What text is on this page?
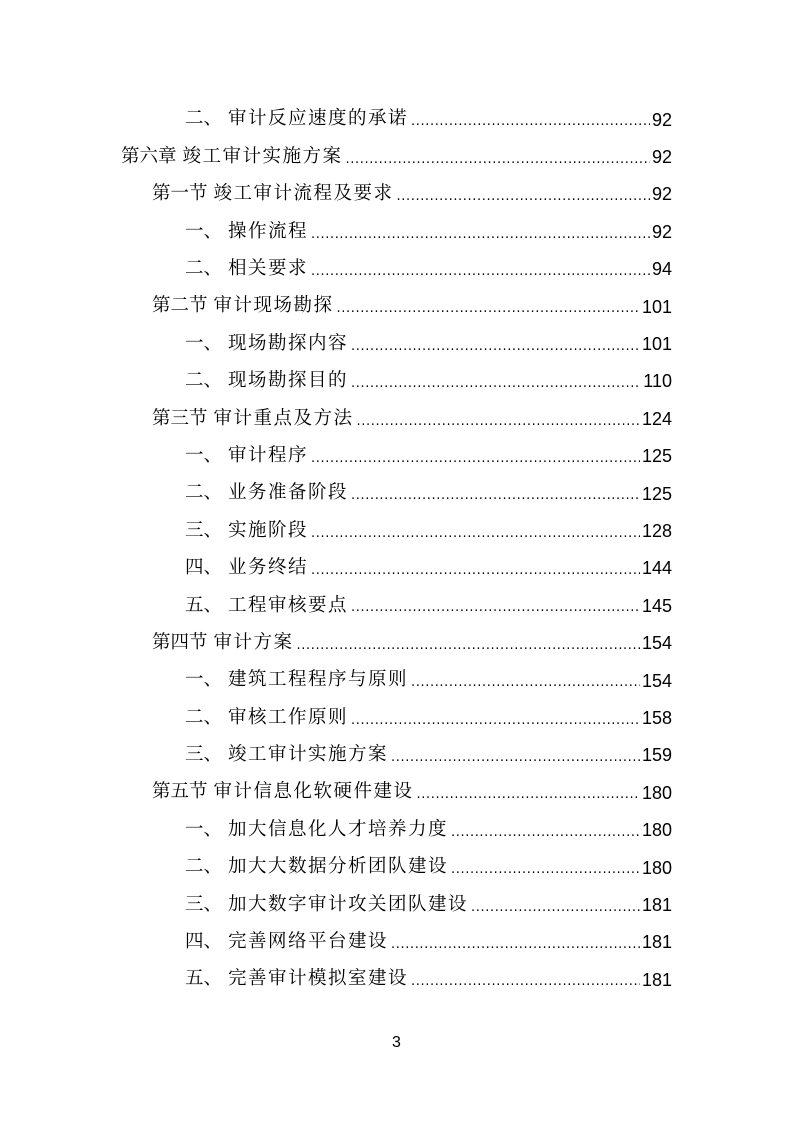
二、 审计反应速度的承诺 .....	92
第六章 竣工审计实施方案 .....	92
第一节 竣工审计流程及要求 .....	92
一、 操作流程 .....	92
二、 相关要求 .....	94
第二节 审计现场勘探 .....	101
一、 现场勘探内容 .....	101
二、 现场勘探目的 .....	110
第三节 审计重点及方法 .....	124
一、 审计程序 .....	125
二、 业务准备阶段 .....	125
三、 实施阶段 .....	128
四、 业务终结 .....	144
五、 工程审核要点 .....	145
第四节 审计方案 .....	154
一、 建筑工程程序与原则 .....	154
二、 审核工作原则 .....	158
三、 竣工审计实施方案 .....	159
第五节 审计信息化软硬件建设 .....	180
一、 加大信息化人才培养力度 .....	180
二、 加大大数据分析团队建设 .....	180
三、 加大数字审计攻关团队建设 .....	181
四、 完善网络平台建设 .....	181
五、 完善审计模拟室建设 .....	181
3
